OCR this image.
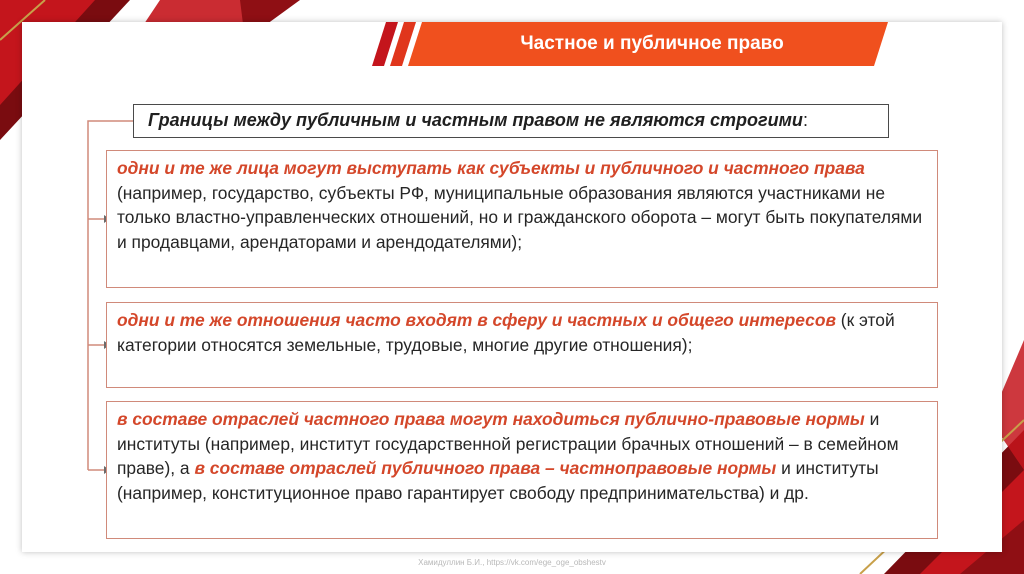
Частное и публичное право
Границы между публичным и частным правом не являются строгими:
одни и те же лица могут выступать как субъекты и публичного и частного права (например, государство, субъекты РФ, муниципальные образования являются участниками не только властно-управленческих отношений, но и гражданского оборота – могут быть покупателями и продавцами, арендаторами и арендодателями);
одни и те же отношения часто входят в сферу и частных и общего интересов (к этой категории относятся земельные, трудовые, многие другие отношения);
в составе отраслей частного права могут находиться публично-правовые нормы и институты (например, институт государственной регистрации брачных отношений – в семейном праве), а в составе отраслей публичного права – частноправовые нормы и институты (например, конституционное право гарантирует свободу предпринимательства) и др.
Хамидуллин Б.И., https://vk.com/ege_oge_obshestv
